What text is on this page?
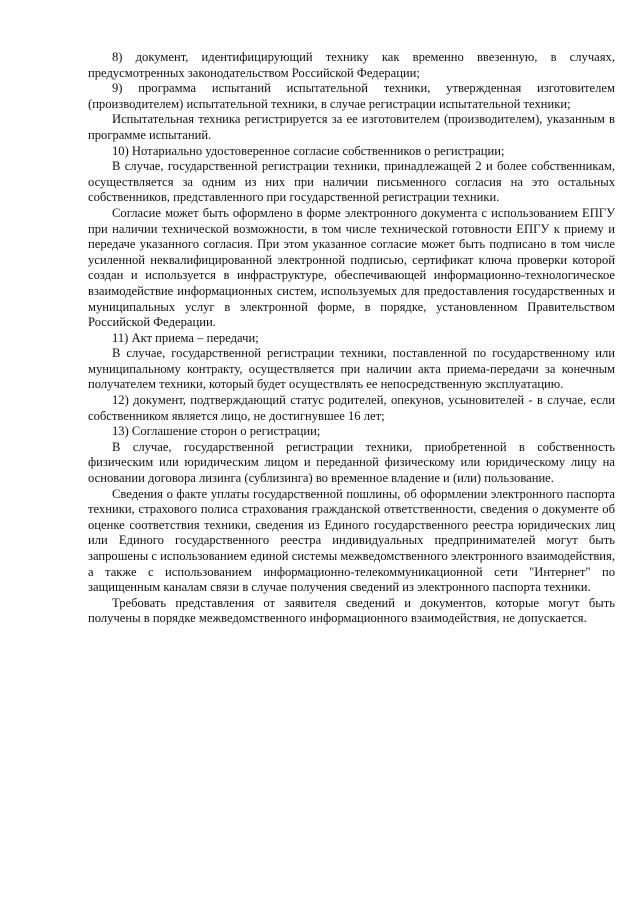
8) документ, идентифицирующий технику как временно ввезенную, в случаях, предусмотренных законодательством Российской Федерации;

9) программа испытаний испытательной техники, утвержденная изготовителем (производителем) испытательной техники, в случае регистрации испытательной техники;

Испытательная техника регистрируется за ее изготовителем (производителем), указанным в программе испытаний.

10) Нотариально удостоверенное согласие собственников о регистрации;

В случае, государственной регистрации техники, принадлежащей 2 и более собственникам, осуществляется за одним из них при наличии письменного согласия на это остальных собственников, представленного при государственной регистрации техники.

Согласие может быть оформлено в форме электронного документа с использованием ЕПГУ при наличии технической возможности, в том числе технической готовности ЕПГУ к приему и передаче указанного согласия. При этом указанное согласие может быть подписано в том числе усиленной неквалифицированной электронной подписью, сертификат ключа проверки которой создан и используется в инфраструктуре, обеспечивающей информационно-технологическое взаимодействие информационных систем, используемых для предоставления государственных и муниципальных услуг в электронной форме, в порядке, установленном Правительством Российской Федерации.

11) Акт приема – передачи;

В случае, государственной регистрации техники, поставленной по государственному или муниципальному контракту, осуществляется при наличии акта приема-передачи за конечным получателем техники, который будет осуществлять ее непосредственную эксплуатацию.

12) документ, подтверждающий статус родителей, опекунов, усыновителей - в случае, если собственником является лицо, не достигнувшее 16 лет;

13) Соглашение сторон о регистрации;

В случае, государственной регистрации техники, приобретенной в собственность физическим или юридическим лицом и переданной физическому или юридическому лицу на основании договора лизинга (сублизинга) во временное владение и (или) пользование.

Сведения о факте уплаты государственной пошлины, об оформлении электронного паспорта техники, страхового полиса страхования гражданской ответственности, сведения о документе об оценке соответствия техники, сведения из Единого государственного реестра юридических лиц или Единого государственного реестра индивидуальных предпринимателей могут быть запрошены с использованием единой системы межведомственного электронного взаимодействия, а также с использованием информационно-телекоммуникационной сети "Интернет" по защищенным каналам связи в случае получения сведений из электронного паспорта техники.

Требовать представления от заявителя сведений и документов, которые могут быть получены в порядке межведомственного информационного взаимодействия, не допускается.
